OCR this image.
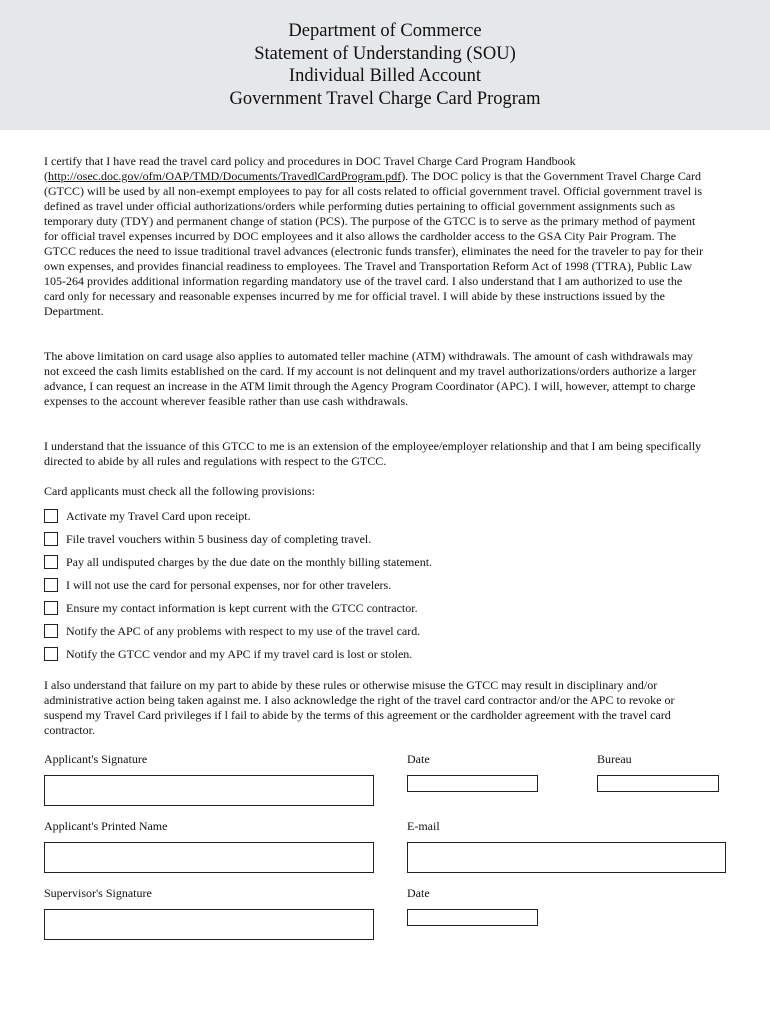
Department of Commerce
Statement of Understanding (SOU)
Individual Billed Account
Government Travel Charge Card Program

I certify that I have read the travel card policy and procedures in DOC Travel Charge Card Program Handbook (http://osec.doc.gov/ofm/OAP/TMD/Documents/TravedlCardProgram.pdf). The DOC policy is that the Government Travel Charge Card (GTCC) will be used by all non-exempt employees to pay for all costs related to official government travel. Official government travel is defined as travel under official authorizations/orders while performing duties pertaining to official government assignments such as temporary duty (TDY) and permanent change of station (PCS). The purpose of the GTCC is to serve as the primary method of payment for official travel expenses incurred by DOC employees and it also allows the cardholder access to the GSA City Pair Program. The GTCC reduces the need to issue traditional travel advances (electronic funds transfer), eliminates the need for the traveler to pay for their own expenses, and provides financial readiness to employees. The Travel and Transportation Reform Act of 1998 (TTRA), Public Law 105-264 provides additional information regarding mandatory use of the travel card. I also understand that I am authorized to use the card only for necessary and reasonable expenses incurred by me for official travel. I will abide by these instructions issued by the Department.

The above limitation on card usage also applies to automated teller machine (ATM) withdrawals. The amount of cash withdrawals may not exceed the cash limits established on the card. If my account is not delinquent and my travel authorizations/orders authorize a larger advance, I can request an increase in the ATM limit through the Agency Program Coordinator (APC). I will, however, attempt to charge expenses to the account wherever feasible rather than use cash withdrawals.

I understand that the issuance of this GTCC to me is an extension of the employee/employer relationship and that I am being specifically directed to abide by all rules and regulations with respect to the GTCC.

Card applicants must check all the following provisions:
Activate my Travel Card upon receipt.
File travel vouchers within 5 business day of completing travel.
Pay all undisputed charges by the due date on the monthly billing statement.
I will not use the card for personal expenses, nor for other travelers.
Ensure my contact information is kept current with the GTCC contractor.
Notify the APC of any problems with respect to my use of the travel card.
Notify the GTCC vendor and my APC if my travel card is lost or stolen.

I also understand that failure on my part to abide by these rules or otherwise misuse the GTCC may result in disciplinary and/or administrative action being taken against me. I also acknowledge the right of the travel card contractor and/or the APC to revoke or suspend my Travel Card privileges if l fail to abide by the terms of this agreement or the cardholder agreement with the travel card contractor.

Applicant's Signature	Date	Bureau
Applicant's Printed Name	E-mail
Supervisor's Signature	Date
